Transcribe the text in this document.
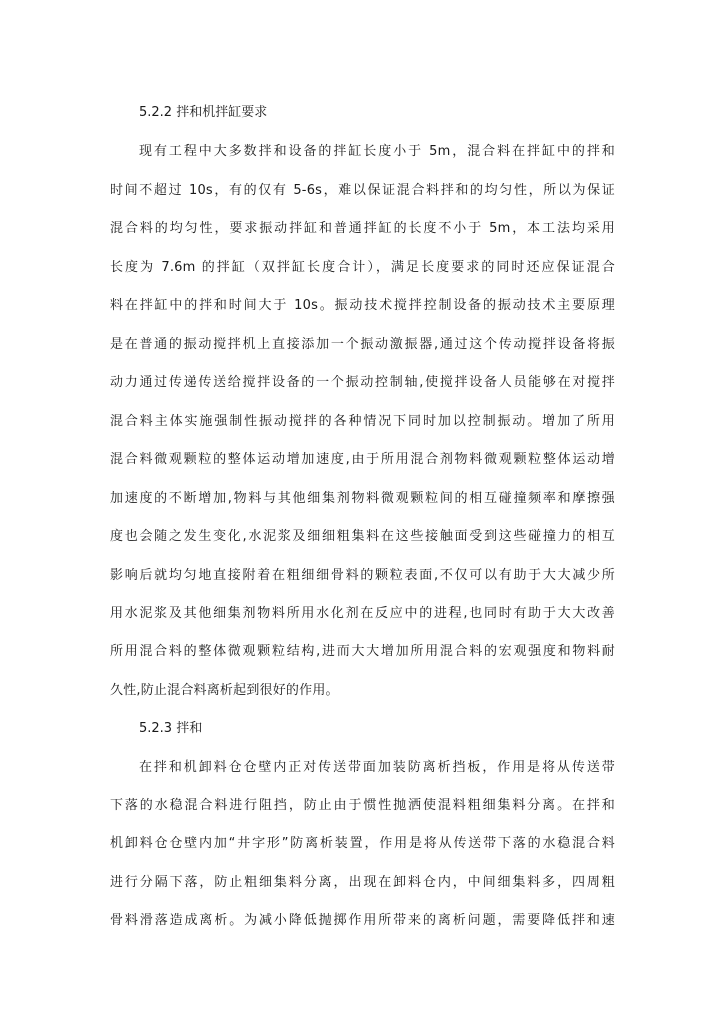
5.2.2 拌和机拌缸要求
现有工程中大多数拌和设备的拌缸长度小于 5m，混合料在拌缸中的拌和
时间不超过 10s，有的仅有 5-6s，难以保证混合料拌和的均匀性，所以为保证
混合料的均匀性，要求振动拌缸和普通拌缸的长度不小于 5m，本工法均采用
长度为 7.6m 的拌缸（双拌缸长度合计），满足长度要求的同时还应保证混合
料在拌缸中的拌和时间大于 10s。振动技术搅拌控制设备的振动技术主要原理
是在普通的振动搅拌机上直接添加一个振动激振器,通过这个传动搅拌设备将振
动力通过传递传送给搅拌设备的一个振动控制轴,使搅拌设备人员能够在对搅拌
混合料主体实施强制性振动搅拌的各种情况下同时加以控制振动。增加了所用
混合料微观颗粒的整体运动增加速度,由于所用混合剂物料微观颗粒整体运动增
加速度的不断增加,物料与其他细集剂物料微观颗粒间的相互碰撞频率和摩擦强
度也会随之发生变化,水泥浆及细细粗集料在这些接触面受到这些碰撞力的相互
影响后就均匀地直接附着在粗细细骨料的颗粒表面,不仅可以有助于大大减少所
用水泥浆及其他细集剂物料所用水化剂在反应中的进程,也同时有助于大大改善
所用混合料的整体微观颗粒结构,进而大大增加所用混合料的宏观强度和物料耐
久性,防止混合料离析起到很好的作用。
5.2.3 拌和
在拌和机卸料仓仓壁内正对传送带面加装防离析挡板，作用是将从传送带
下落的水稳混合料进行阻挡，防止由于惯性抛洒使混料粗细集料分离。在拌和
机卸料仓仓壁内加“井字形”防离析装置，作用是将从传送带下落的水稳混合料
进行分隔下落，防止粗细集料分离，出现在卸料仓内，中间细集料多，四周粗
骨料滑落造成离析。为减小降低抛掷作用所带来的离析问题，需要降低拌和速
